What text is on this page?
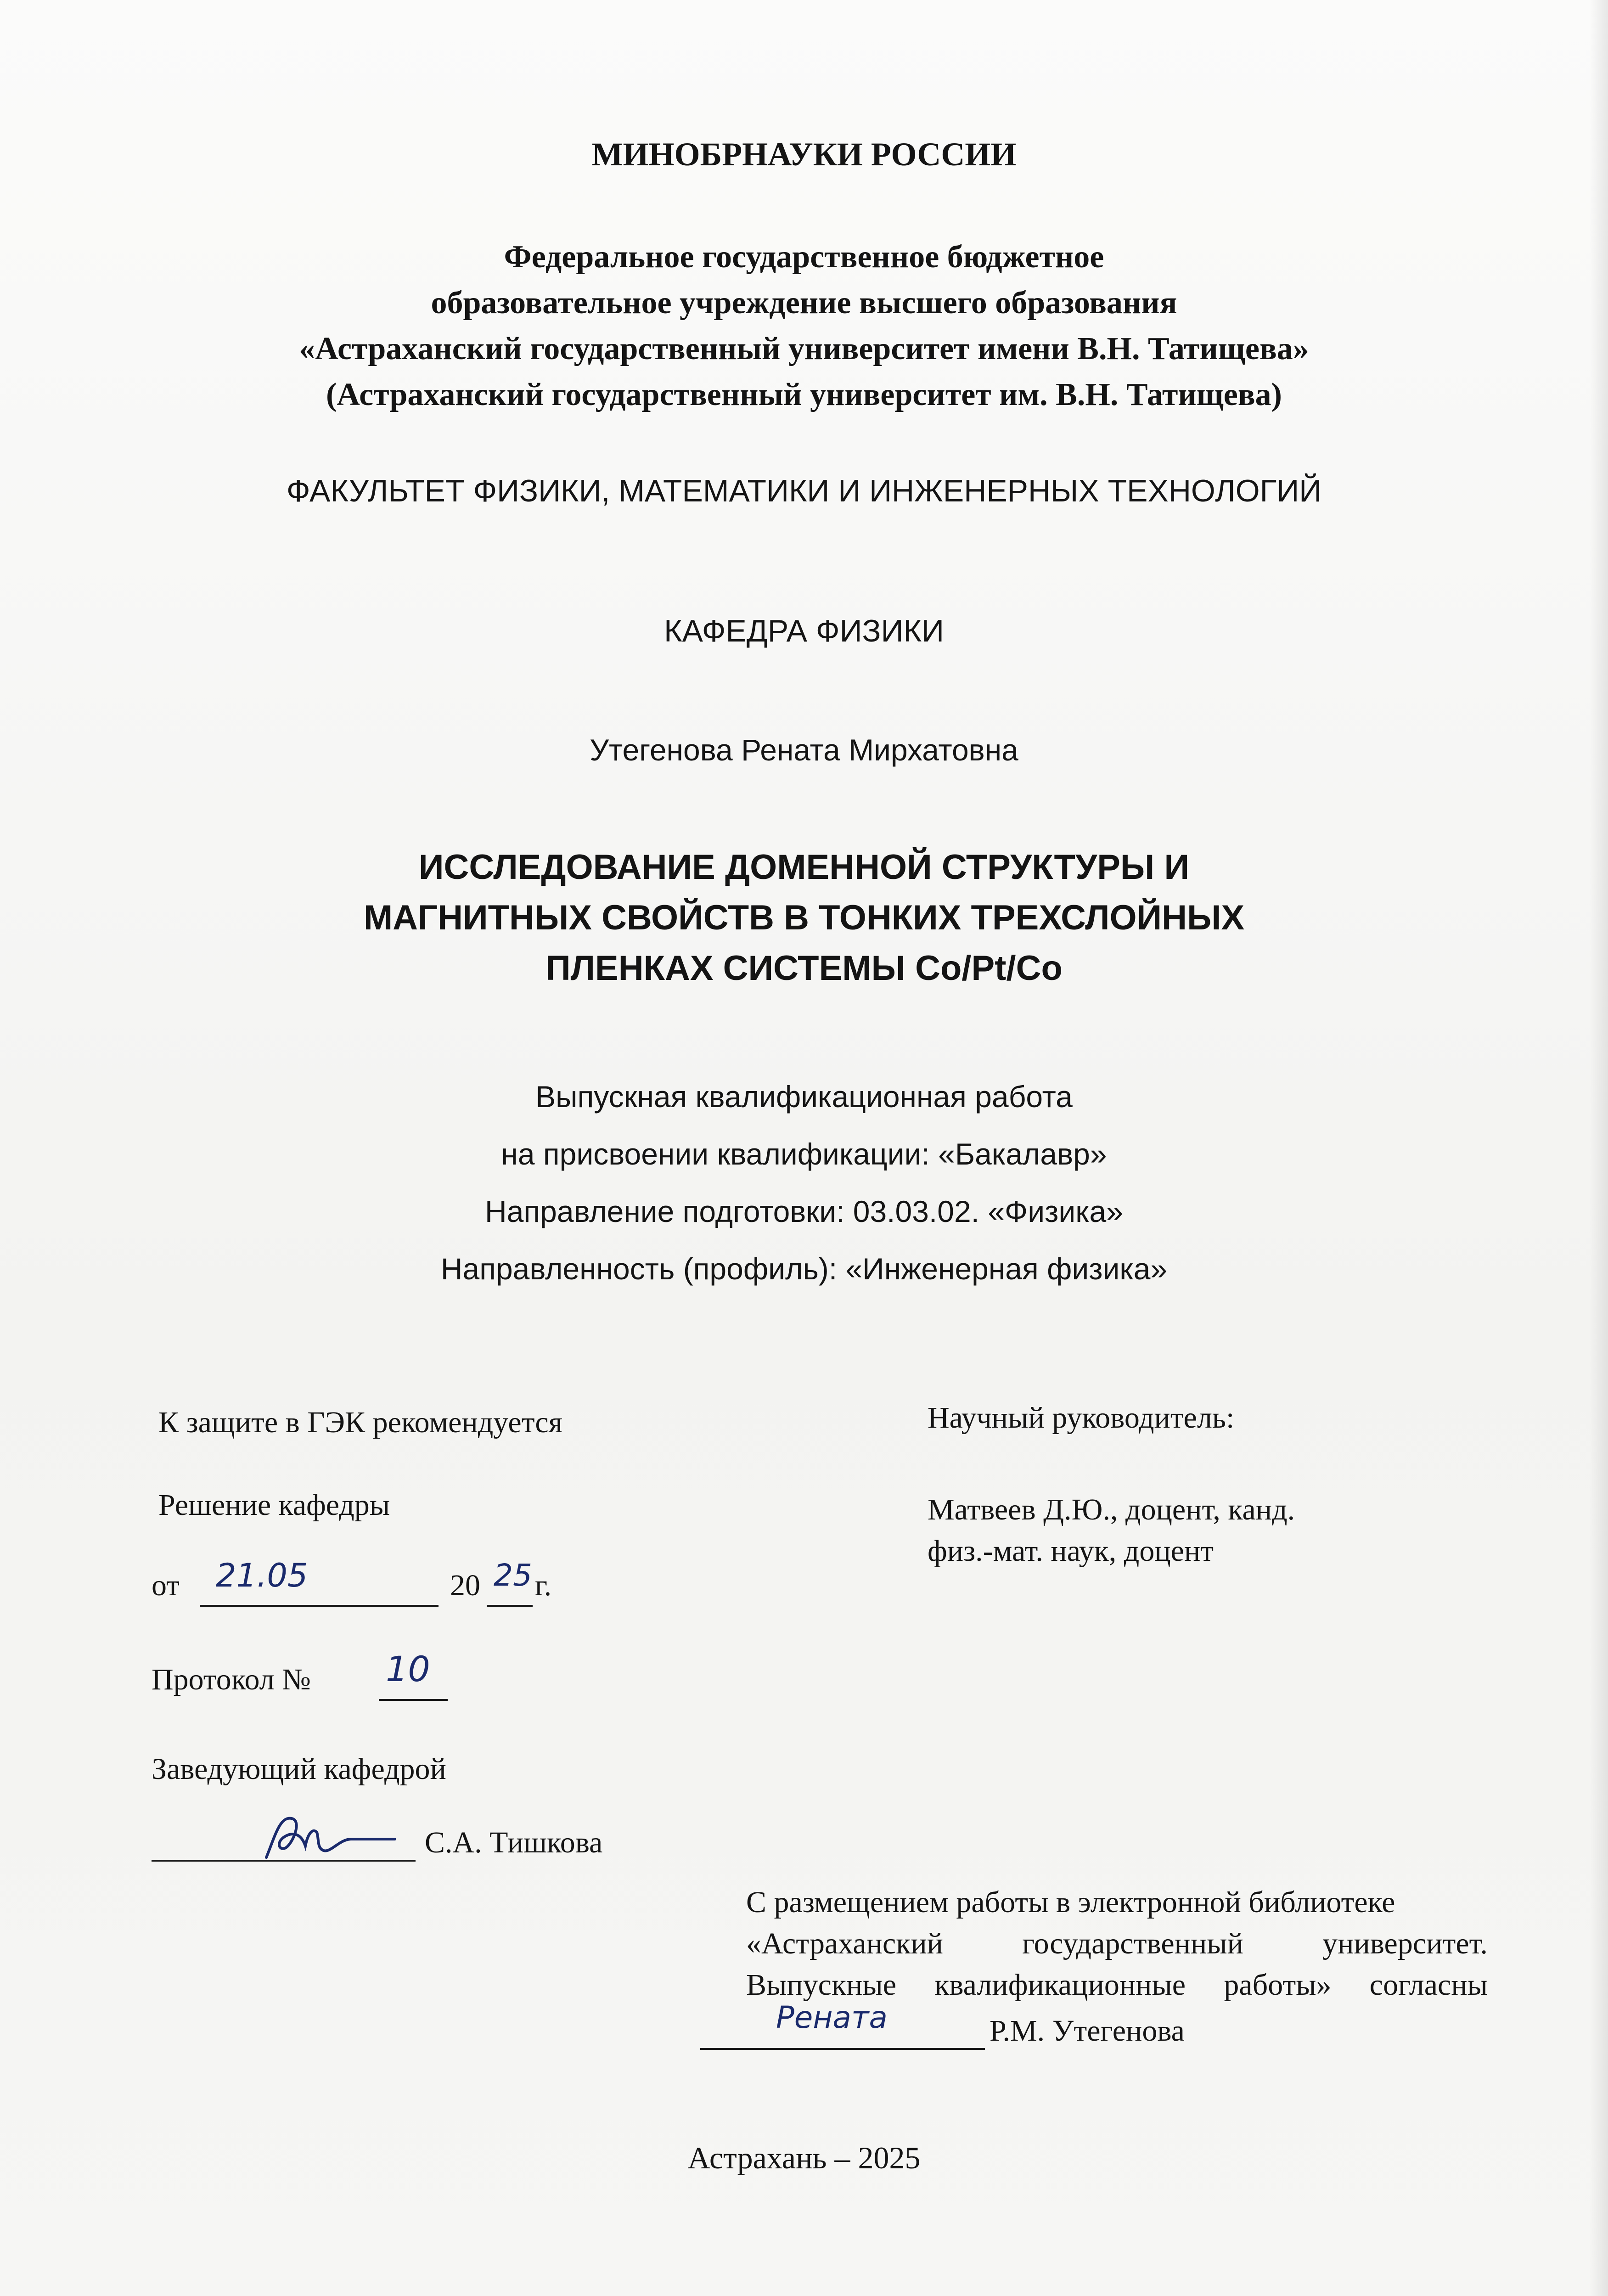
МИНОБРНАУКИ РОССИИ
Федеральное государственное бюджетное
образовательное учреждение высшего образования
«Астраханский государственный университет имени В.Н. Татищева»
(Астраханский государственный университет им. В.Н. Татищева)
ФАКУЛЬТЕТ ФИЗИКИ, МАТЕМАТИКИ И ИНЖЕНЕРНЫХ ТЕХНОЛОГИЙ
КАФЕДРА ФИЗИКИ
Утегенова Рената Мирхатовна
ИССЛЕДОВАНИЕ ДОМЕННОЙ СТРУКТУРЫ И
МАГНИТНЫХ СВОЙСТВ В ТОНКИХ ТРЕХСЛОЙНЫХ
ПЛЕНКАХ СИСТЕМЫ Co/Pt/Co
Выпускная квалификационная работа
на присвоении квалификации: «Бакалавр»
Направление подготовки: 03.03.02. «Физика»
Направленность (профиль): «Инженерная физика»
К защите в ГЭК рекомендуется
Решение кафедры
от 21.05	20 25 г.
Протокол № 10
Заведующий кафедрой
С.А. Тишкова
Научный руководитель:
Матвеев Д.Ю., доцент, канд.
физ.-мат. наук, доцент
С размещением работы в электронной библиотеке
«Астраханский государственный университет.
Выпускные квалификационные работы» согласны
Рената	Р.М. Утегенова
Астрахань – 2025
